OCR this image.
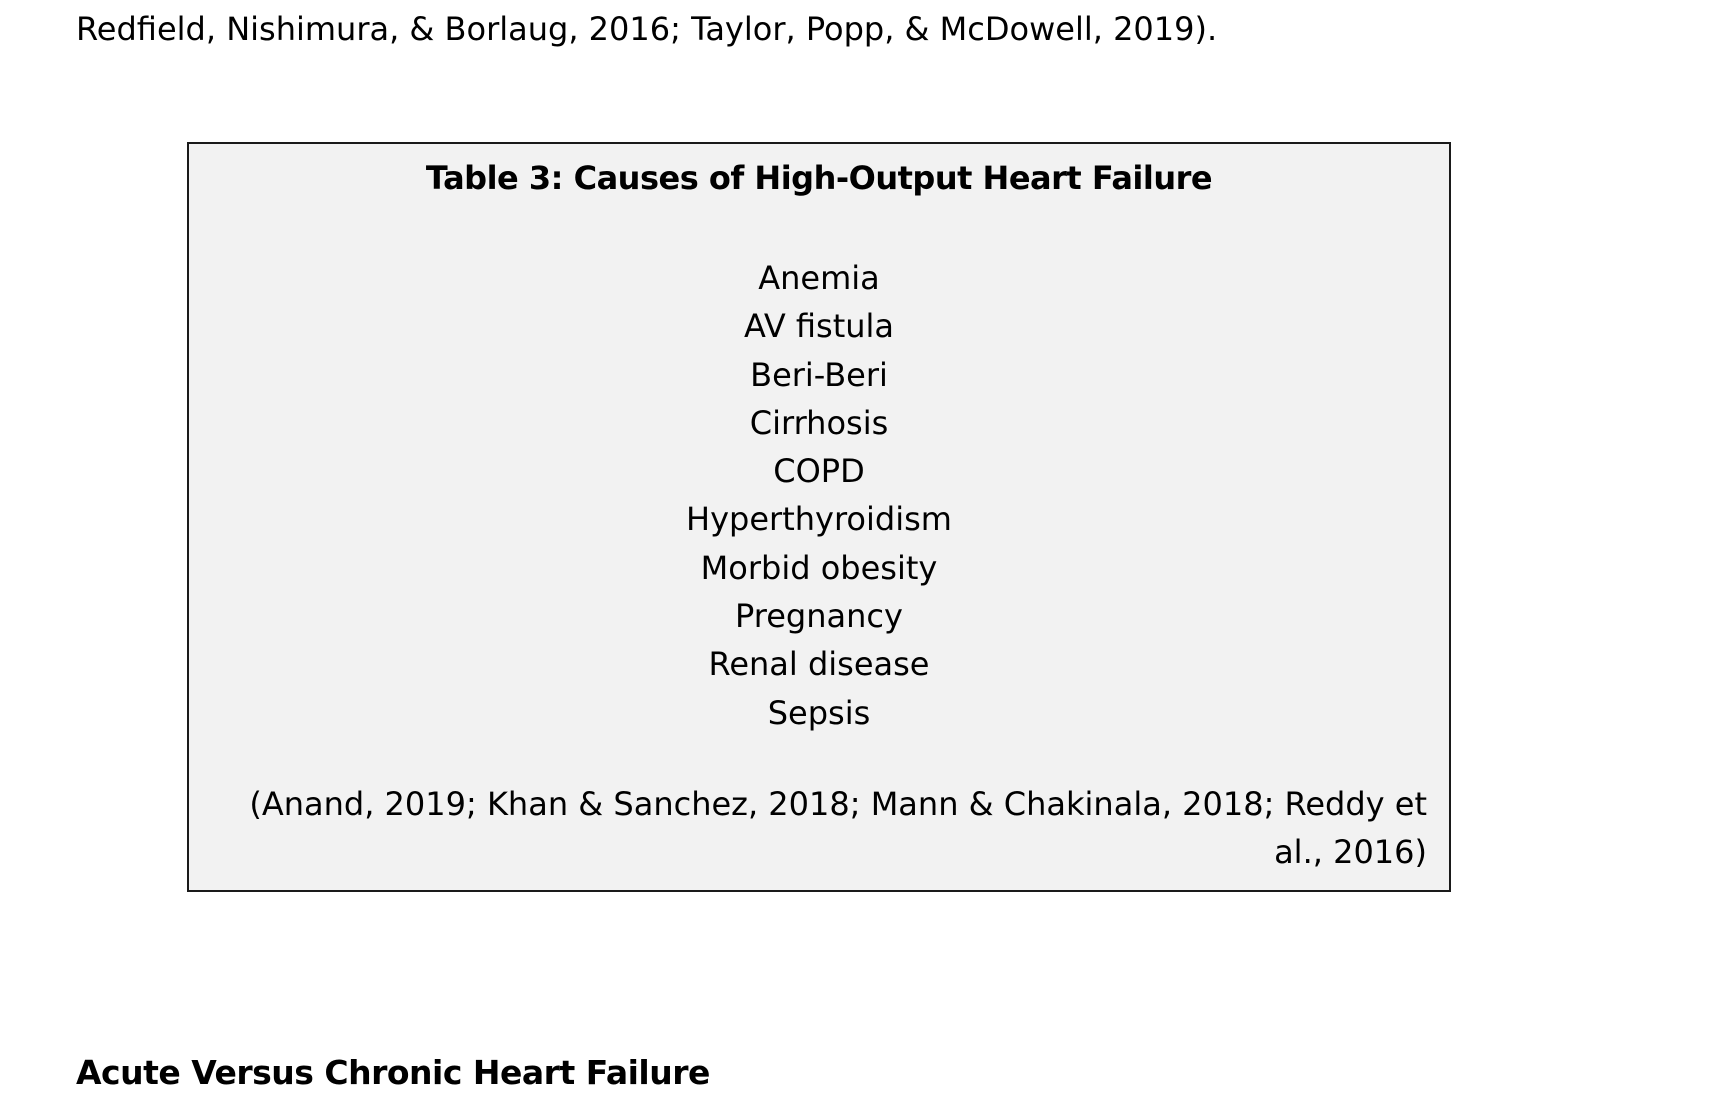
Redfield, Nishimura, & Borlaug, 2016; Taylor, Popp, & McDowell, 2019).
Table 3: Causes of High-Output Heart Failure
Anemia
AV fistula
Beri-Beri
Cirrhosis
COPD
Hyperthyroidism
Morbid obesity
Pregnancy
Renal disease
Sepsis
(Anand, 2019; Khan & Sanchez, 2018; Mann & Chakinala, 2018; Reddy et al., 2016)
Acute Versus Chronic Heart Failure
